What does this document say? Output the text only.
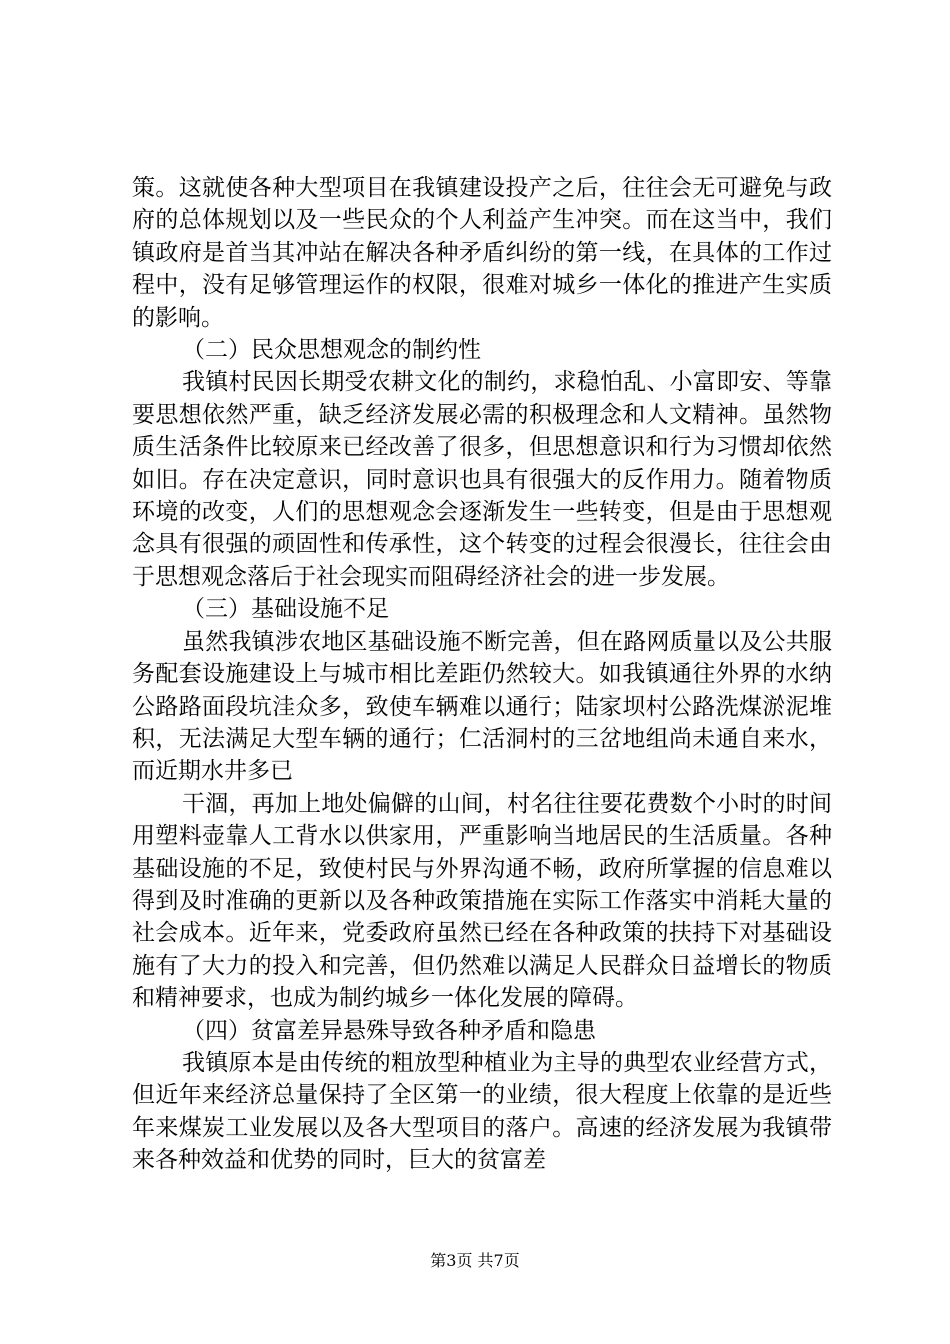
策。这就使各种大型项目在我镇建设投产之后，往往会无可避免与政府的总体规划以及一些民众的个人利益产生冲突。而在这当中，我们镇政府是首当其冲站在解决各种矛盾纠纷的第一线，在具体的工作过程中，没有足够管理运作的权限，很难对城乡一体化的推进产生实质的影响。

（二）民众思想观念的制约性

我镇村民因长期受农耕文化的制约，求稳怕乱、小富即安、等靠要思想依然严重，缺乏经济发展必需的积极理念和人文精神。虽然物质生活条件比较原来已经改善了很多，但思想意识和行为习惯却依然如旧。存在决定意识，同时意识也具有很强大的反作用力。随着物质环境的改变，人们的思想观念会逐渐发生一些转变，但是由于思想观念具有很强的顽固性和传承性，这个转变的过程会很漫长，往往会由于思想观念落后于社会现实而阻碍经济社会的进一步发展。

（三）基础设施不足

虽然我镇涉农地区基础设施不断完善，但在路网质量以及公共服务配套设施建设上与城市相比差距仍然较大。如我镇通往外界的水纳公路路面段坑洼众多，致使车辆难以通行；陆家坝村公路洗煤淤泥堆积，无法满足大型车辆的通行；仁活洞村的三岔地组尚未通自来水，而近期水井多已

干涸，再加上地处偏僻的山间，村名往往要花费数个小时的时间用塑料壶靠人工背水以供家用，严重影响当地居民的生活质量。各种基础设施的不足，致使村民与外界沟通不畅，政府所掌握的信息难以得到及时准确的更新以及各种政策措施在实际工作落实中消耗大量的社会成本。近年来，党委政府虽然已经在各种政策的扶持下对基础设施有了大力的投入和完善，但仍然难以满足人民群众日益增长的物质和精神要求，也成为制约城乡一体化发展的障碍。

（四）贫富差异悬殊导致各种矛盾和隐患

我镇原本是由传统的粗放型种植业为主导的典型农业经营方式，但近年来经济总量保持了全区第一的业绩，很大程度上依靠的是近些年来煤炭工业发展以及各大型项目的落户。高速的经济发展为我镇带来各种效益和优势的同时，巨大的贫富差

第3页 共7页
